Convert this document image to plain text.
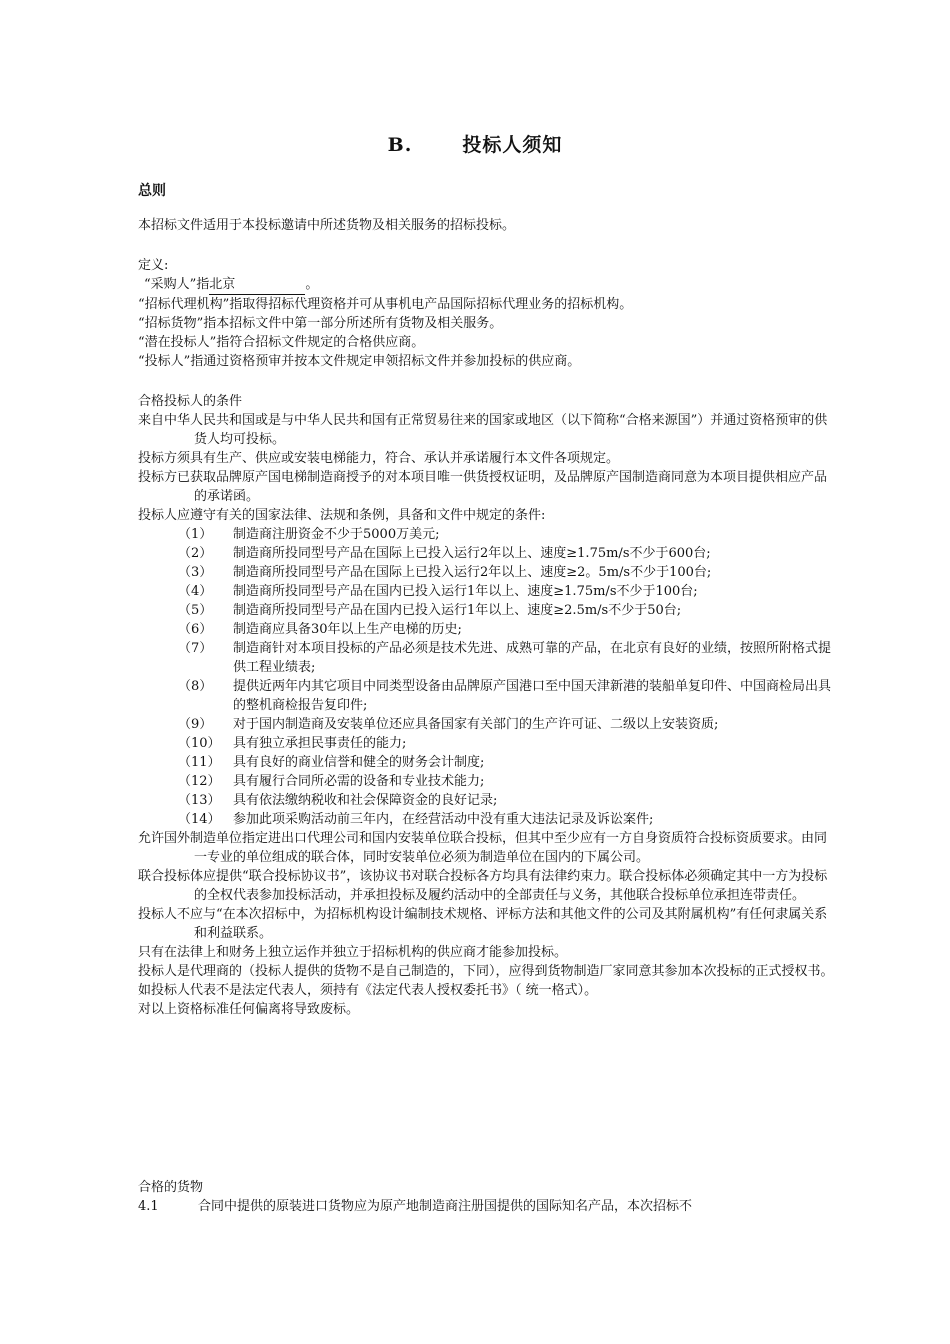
B.	投标人须知
总则
本招标文件适用于本投标邀请中所述货物及相关服务的招标投标。
定义:
“采购人”指北京	。
“招标代理机构”指取得招标代理资格并可从事机电产品国际招标代理业务的招标机构。
“招标货物”指本招标文件中第一部分所述所有货物及相关服务。
“潜在投标人”指符合招标文件规定的合格供应商。
“投标人”指通过资格预审并按本文件规定申领招标文件并参加投标的供应商。
合格投标人的条件
来自中华人民共和国或是与中华人民共和国有正常贸易往来的国家或地区（以下简称“合格来源国”）并通过资格预审的供货人均可投标。
投标方须具有生产、供应或安装电梯能力，符合、承认并承诺履行本文件各项规定。
投标方已获取品牌原产国电梯制造商授予的对本项目唯一供货授权证明，及品牌原产国制造商同意为本项目提供相应产品的承诺函。
投标人应遵守有关的国家法律、法规和条例，具备和文件中规定的条件:
（1）	制造商注册资金不少于5000万美元;
（2）	制造商所投同型号产品在国际上已投入运行2年以上、速度≥1.75m/s不少于600台;
（3）	制造商所投同型号产品在国际上已投入运行2年以上、速度≥2。5m/s不少于100台;
（4）	制造商所投同型号产品在国内已投入运行1年以上、速度≥1.75m/s不少于100台;
（5）	制造商所投同型号产品在国内已投入运行1年以上、速度≥2.5m/s不少于50台;
（6）	制造商应具备30年以上生产电梯的历史;
（7）	制造商针对本项目投标的产品必须是技术先进、成熟可靠的产品，在北京有良好的业绩，按照所附格式提供工程业绩表;
（8）	提供近两年内其它项目中同类型设备由品牌原产国港口至中国天津新港的装船单复印件、中国商检局出具的整机商检报告复印件;
（9）	对于国内制造商及安装单位还应具备国家有关部门的生产许可证、二级以上安装资质;
（10） 具有独立承担民事责任的能力;
（11） 具有良好的商业信誉和健全的财务会计制度;
（12） 具有履行合同所必需的设备和专业技术能力;
（13） 具有依法缴纳税收和社会保障资金的良好记录;
（14） 参加此项采购活动前三年内，在经营活动中没有重大违法记录及诉讼案件;
允许国外制造单位指定进出口代理公司和国内安装单位联合投标，但其中至少应有一方自身资质符合投标资质要求。由同一专业的单位组成的联合体，同时安装单位必须为制造单位在国内的下属公司。
联合投标体应提供“联合投标协议书”，该协议书对联合投标各方均具有法律约束力。联合投标体必须确定其中一方为投标的全权代表参加投标活动，并承担投标及履约活动中的全部责任与义务，其他联合投标单位承担连带责任。
投标人不应与“在本次招标中，为招标机构设计编制技术规格、评标方法和其他文件的公司及其附属机构”有任何隶属关系和利益联系。
只有在法律上和财务上独立运作并独立于招标机构的供应商才能参加投标。
投标人是代理商的（投标人提供的货物不是自己制造的，下同），应得到货物制造厂家同意其参加本次投标的正式授权书。
如投标人代表不是法定代表人，须持有《法定代表人授权委托书》（ 统一格式）。
对以上资格标准任何偏离将导致废标。
合格的货物
4.1	合同中提供的原装进口货物应为原产地制造商注册国提供的国际知名产品，本次招标不
